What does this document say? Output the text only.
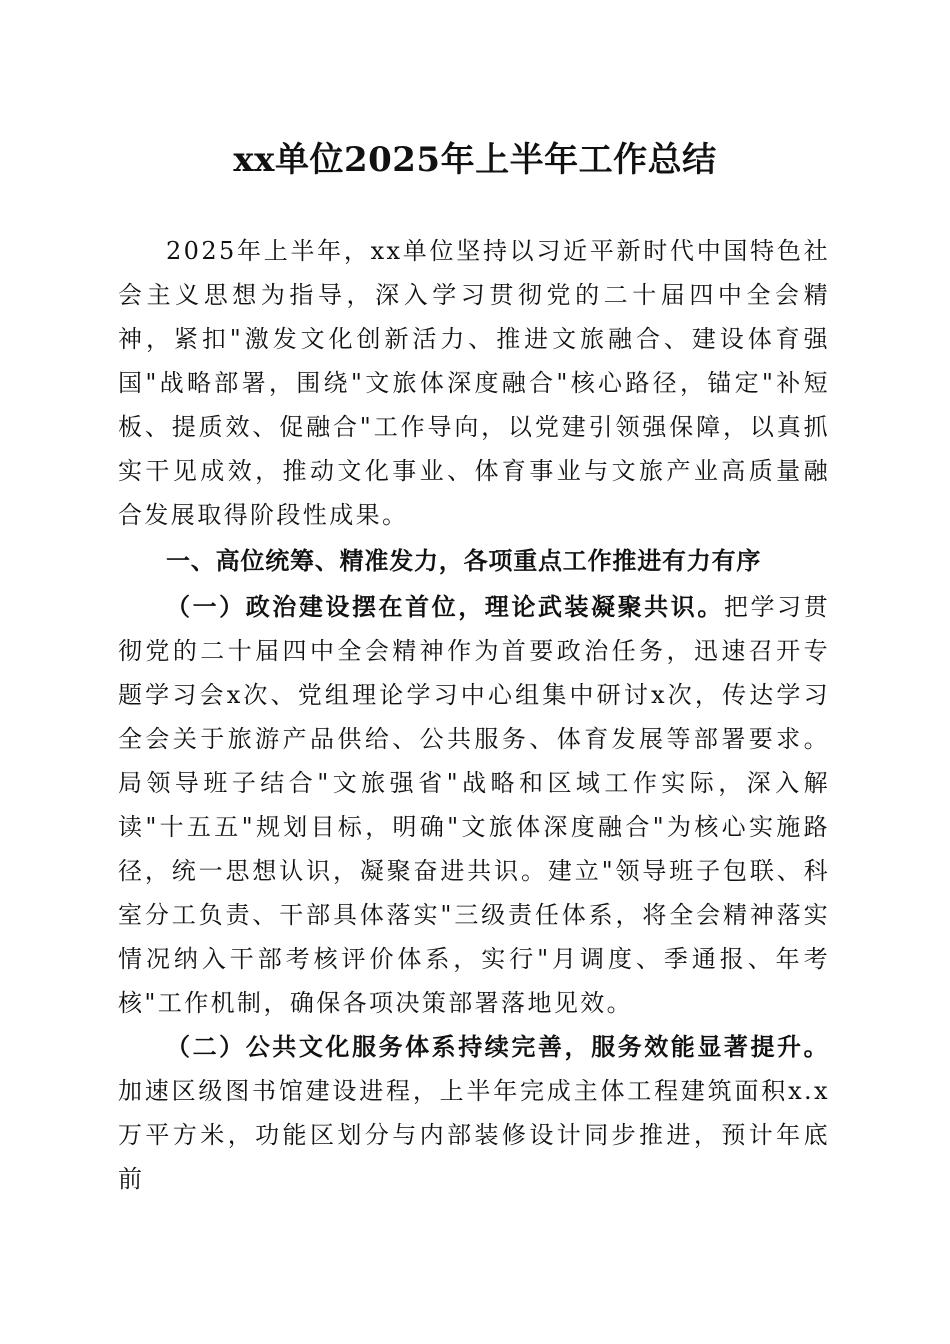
xx单位2025年上半年工作总结

2025年上半年，xx单位坚持以习近平新时代中国特色社会主义思想为指导，深入学习贯彻党的二十届四中全会精神，紧扣"激发文化创新活力、推进文旅融合、建设体育强国"战略部署，围绕"文旅体深度融合"核心路径，锚定"补短板、提质效、促融合"工作导向，以党建引领强保障，以真抓实干见成效，推动文化事业、体育事业与文旅产业高质量融合发展取得阶段性成果。

一、高位统筹、精准发力，各项重点工作推进有力有序

（一）政治建设摆在首位，理论武装凝聚共识。把学习贯彻党的二十届四中全会精神作为首要政治任务，迅速召开专题学习会x次、党组理论学习中心组集中研讨x次，传达学习全会关于旅游产品供给、公共服务、体育发展等部署要求。局领导班子结合"文旅强省"战略和区域工作实际，深入解读"十五五"规划目标，明确"文旅体深度融合"为核心实施路径，统一思想认识，凝聚奋进共识。建立"领导班子包联、科室分工负责、干部具体落实"三级责任体系，将全会精神落实情况纳入干部考核评价体系，实行"月调度、季通报、年考核"工作机制，确保各项决策部署落地见效。

（二）公共文化服务体系持续完善，服务效能显著提升。加速区级图书馆建设进程，上半年完成主体工程建筑面积x.x万平方米，功能区划分与内部装修设计同步推进，预计年底前
